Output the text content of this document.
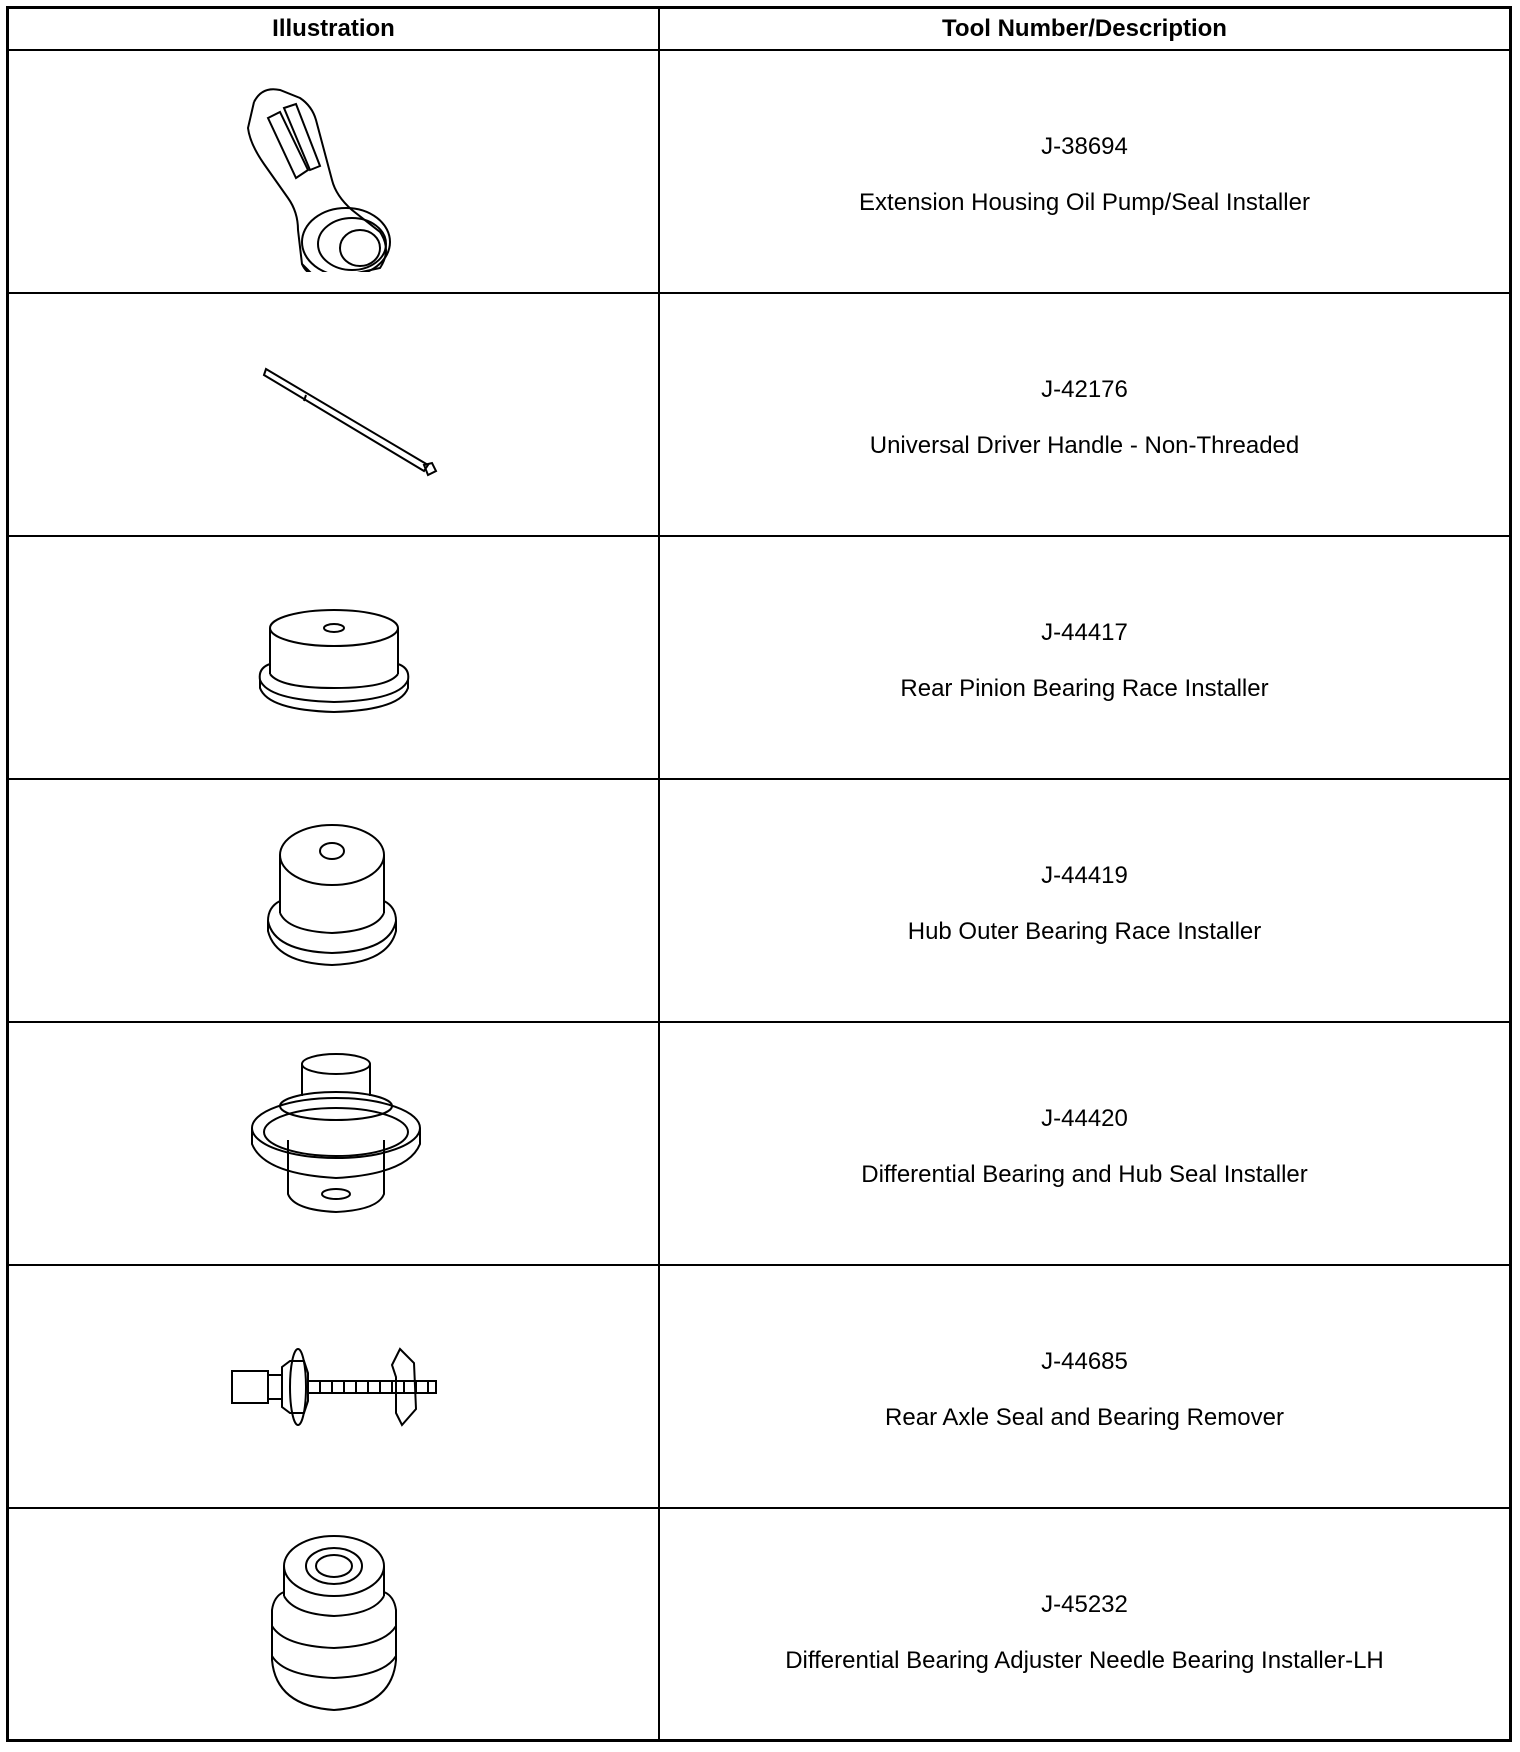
Illustration	Tool Number/Description
J-38694
Extension Housing Oil Pump/Seal Installer
J-42176
Universal Driver Handle - Non-Threaded
J-44417
Rear Pinion Bearing Race Installer
J-44419
Hub Outer Bearing Race Installer
J-44420
Differential Bearing and Hub Seal Installer
J-44685
Rear Axle Seal and Bearing Remover
J-45232
Differential Bearing Adjuster Needle Bearing Installer-LH
